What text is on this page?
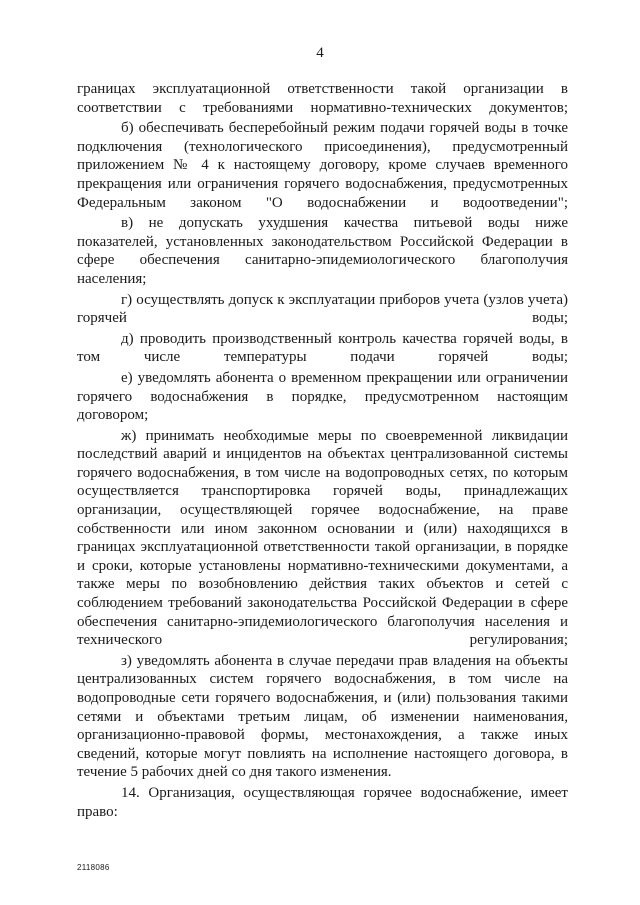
4

границах эксплуатационной ответственности такой организации в соответствии с требованиями нормативно-технических документов;

б) обеспечивать бесперебойный режим подачи горячей воды в точке подключения (технологического присоединения), предусмотренный приложением № 4 к настоящему договору, кроме случаев временного прекращения или ограничения горячего водоснабжения, предусмотренных Федеральным законом "О водоснабжении и водоотведении";

в) не допускать ухудшения качества питьевой воды ниже показателей, установленных законодательством Российской Федерации в сфере обеспечения санитарно-эпидемиологического благополучия населения;

г) осуществлять допуск к эксплуатации приборов учета (узлов учета) горячей воды;

д) проводить производственный контроль качества горячей воды, в том числе температуры подачи горячей воды;

е) уведомлять абонента о временном прекращении или ограничении горячего водоснабжения в порядке, предусмотренном настоящим договором;

ж) принимать необходимые меры по своевременной ликвидации последствий аварий и инцидентов на объектах централизованной системы горячего водоснабжения, в том числе на водопроводных сетях, по которым осуществляется транспортировка горячей воды, принадлежащих организации, осуществляющей горячее водоснабжение, на праве собственности или ином законном основании и (или) находящихся в границах эксплуатационной ответственности такой организации, в порядке и сроки, которые установлены нормативно-техническими документами, а также меры по возобновлению действия таких объектов и сетей с соблюдением требований законодательства Российской Федерации в сфере обеспечения санитарно-эпидемиологического благополучия населения и технического регулирования;

з) уведомлять абонента в случае передачи прав владения на объекты централизованных систем горячего водоснабжения, в том числе на водопроводные сети горячего водоснабжения, и (или) пользования такими сетями и объектами третьим лицам, об изменении наименования, организационно-правовой формы, местонахождения, а также иных сведений, которые могут повлиять на исполнение настоящего договора, в течение 5 рабочих дней со дня такого изменения.

14. Организация, осуществляющая горячее водоснабжение, имеет право:

2118086
